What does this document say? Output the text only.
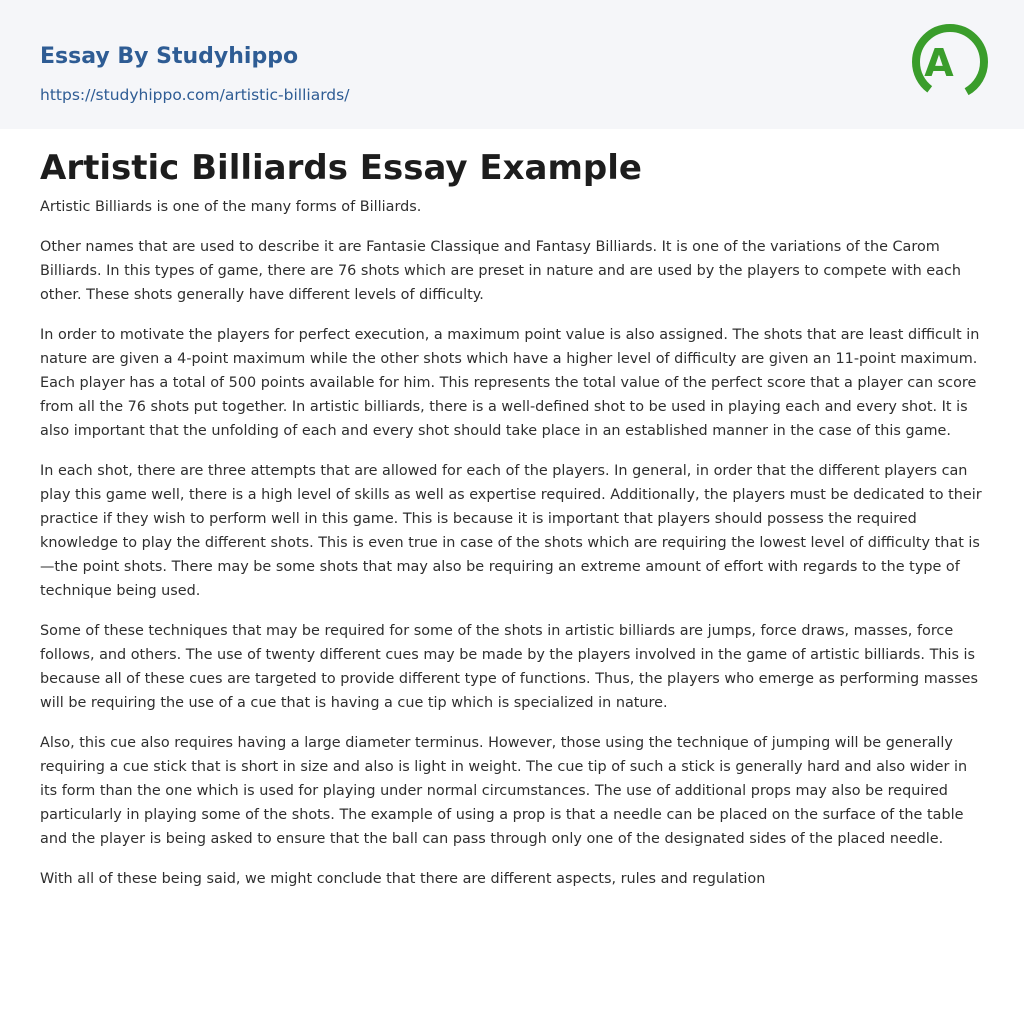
Essay By Studyhippo
https://studyhippo.com/artistic-billiards/
A
Artistic Billiards Essay Example

Artistic Billiards is one of the many forms of Billiards.

Other names that are used to describe it are Fantasie Classique and Fantasy Billiards. It is one of the variations of the Carom Billiards. In this types of game, there are 76 shots which are preset in nature and are used by the players to compete with each other. These shots generally have different levels of difficulty.

In order to motivate the players for perfect execution, a maximum point value is also assigned. The shots that are least difficult in nature are given a 4-point maximum while the other shots which have a higher level of difficulty are given an 11-point maximum. Each player has a total of 500 points available for him. This represents the total value of the perfect score that a player can score from all the 76 shots put together. In artistic billiards, there is a well-defined shot to be used in playing each and every shot. It is also important that the unfolding of each and every shot should take place in an established manner in the case of this game.

In each shot, there are three attempts that are allowed for each of the players. In general, in order that the different players can play this game well, there is a high level of skills as well as expertise required. Additionally, the players must be dedicated to their practice if they wish to perform well in this game. This is because it is important that players should possess the required knowledge to play the different shots. This is even true in case of the shots which are requiring the lowest level of difficulty that is—the point shots. There may be some shots that may also be requiring an extreme amount of effort with regards to the type of technique being used.

Some of these techniques that may be required for some of the shots in artistic billiards are jumps, force draws, masses, force follows, and others. The use of twenty different cues may be made by the players involved in the game of artistic billiards. This is because all of these cues are targeted to provide different type of functions. Thus, the players who emerge as performing masses will be requiring the use of a cue that is having a cue tip which is specialized in nature.

Also, this cue also requires having a large diameter terminus. However, those using the technique of jumping will be generally requiring a cue stick that is short in size and also is light in weight. The cue tip of such a stick is generally hard and also wider in its form than the one which is used for playing under normal circumstances. The use of additional props may also be required particularly in playing some of the shots. The example of using a prop is that a needle can be placed on the surface of the table and the player is being asked to ensure that the ball can pass through only one of the designated sides of the placed needle.

With all of these being said, we might conclude that there are different aspects, rules and regulation
